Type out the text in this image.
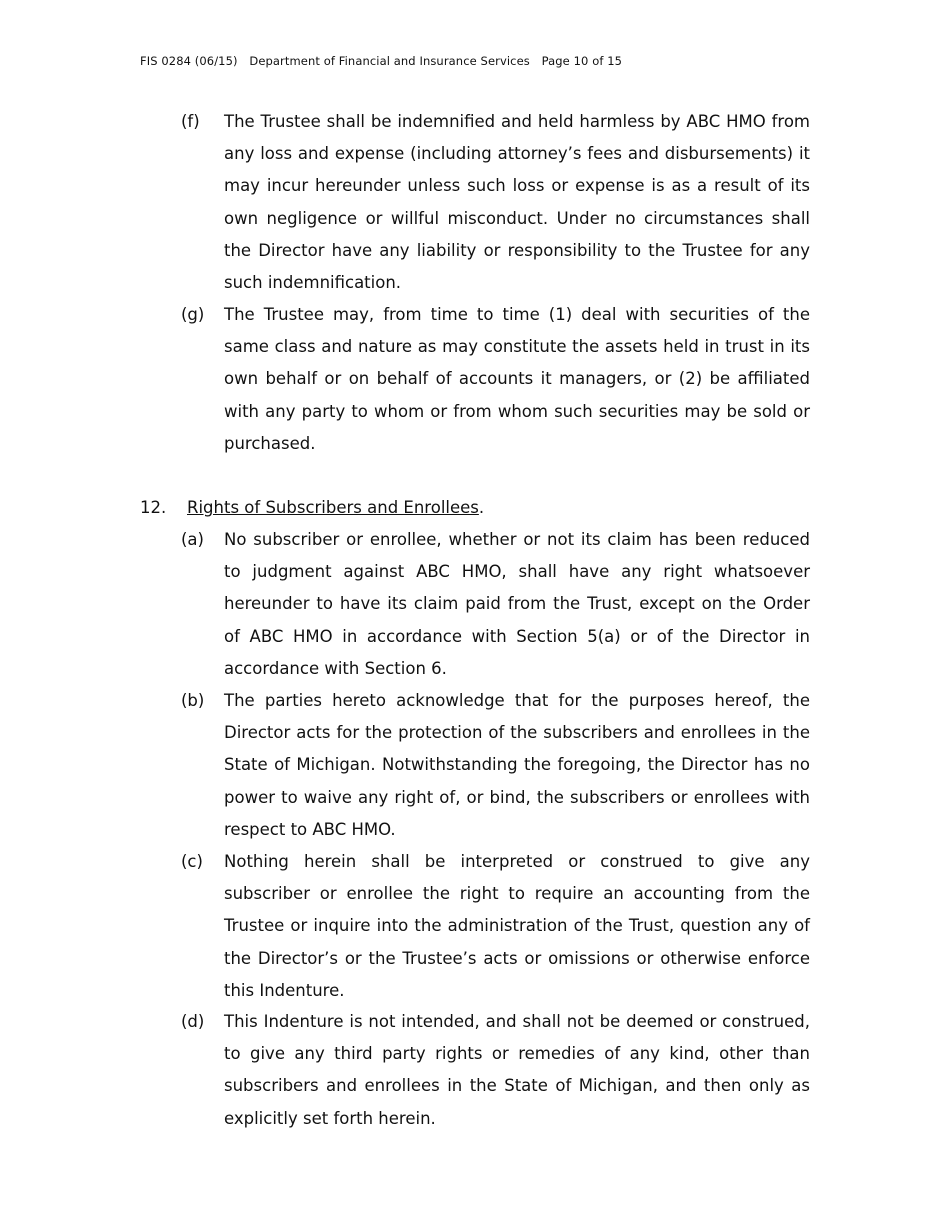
FIS 0284 (06/15) Department of Financial and Insurance Services Page 10 of 15
(f) The Trustee shall be indemnified and held harmless by ABC HMO from any loss and expense (including attorney’s fees and disbursements) it may incur hereunder unless such loss or expense is as a result of its own negligence or willful misconduct. Under no circumstances shall the Director have any liability or responsibility to the Trustee for any such indemnification.
(g) The Trustee may, from time to time (1) deal with securities of the same class and nature as may constitute the assets held in trust in its own behalf or on behalf of accounts it managers, or (2) be affiliated with any party to whom or from whom such securities may be sold or purchased.
12. Rights of Subscribers and Enrollees.
(a) No subscriber or enrollee, whether or not its claim has been reduced to judgment against ABC HMO, shall have any right whatsoever hereunder to have its claim paid from the Trust, except on the Order of ABC HMO in accordance with Section 5(a) or of the Director in accordance with Section 6.
(b) The parties hereto acknowledge that for the purposes hereof, the Director acts for the protection of the subscribers and enrollees in the State of Michigan. Notwithstanding the foregoing, the Director has no power to waive any right of, or bind, the subscribers or enrollees with respect to ABC HMO.
(c) Nothing herein shall be interpreted or construed to give any subscriber or enrollee the right to require an accounting from the Trustee or inquire into the administration of the Trust, question any of the Director’s or the Trustee’s acts or omissions or otherwise enforce this Indenture.
(d) This Indenture is not intended, and shall not be deemed or construed, to give any third party rights or remedies of any kind, other than subscribers and enrollees in the State of Michigan, and then only as explicitly set forth herein.
